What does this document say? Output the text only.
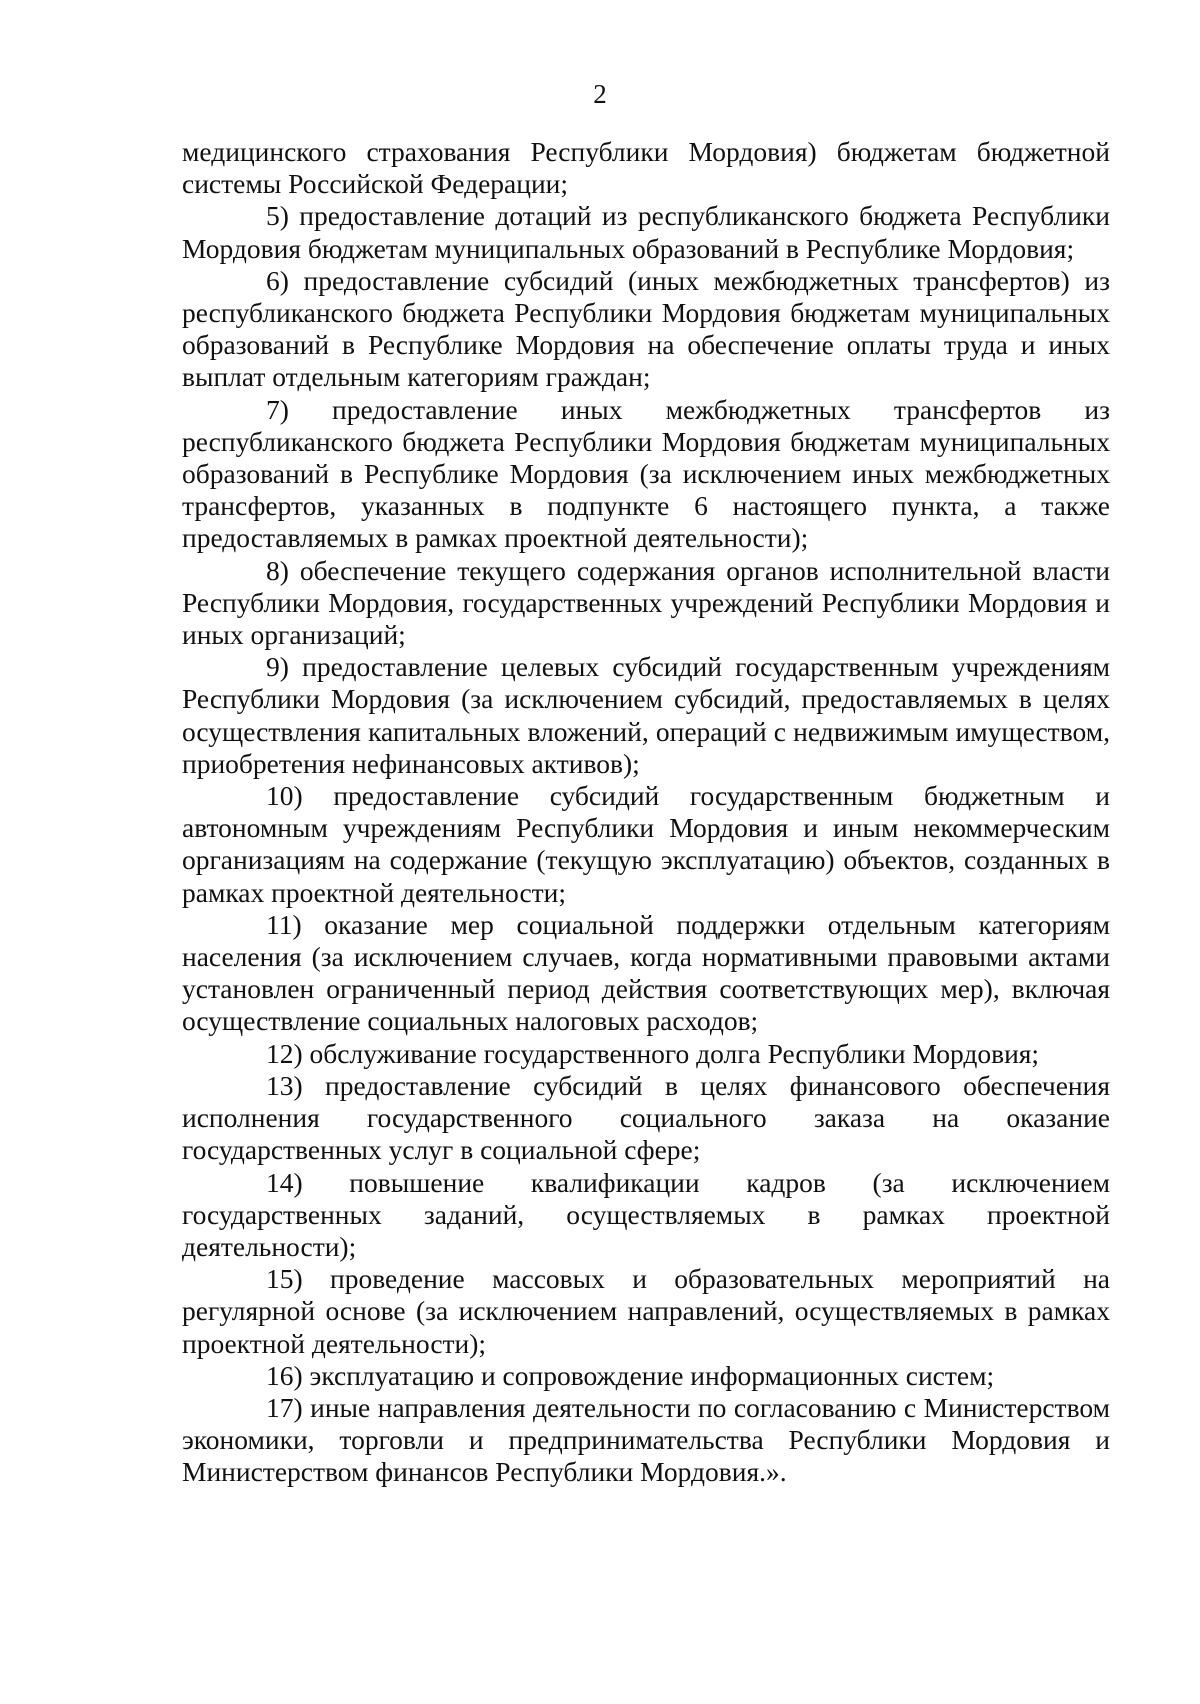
2

медицинского страхования Республики Мордовия) бюджетам бюджетной системы Российской Федерации;

5) предоставление дотаций из республиканского бюджета Республики Мордовия бюджетам муниципальных образований в Республике Мордовия;

6) предоставление субсидий (иных межбюджетных трансфертов) из республиканского бюджета Республики Мордовия бюджетам муниципальных образований в Республике Мордовия на обеспечение оплаты труда и иных выплат отдельным категориям граждан;

7) предоставление иных межбюджетных трансфертов из республиканского бюджета Республики Мордовия бюджетам муниципальных образований в Республике Мордовия (за исключением иных межбюджетных трансфертов, указанных в подпункте 6 настоящего пункта, а также предоставляемых в рамках проектной деятельности);

8) обеспечение текущего содержания органов исполнительной власти Республики Мордовия, государственных учреждений Республики Мордовия и иных организаций;

9) предоставление целевых субсидий государственным учреждениям Республики Мордовия (за исключением субсидий, предоставляемых в целях осуществления капитальных вложений, операций с недвижимым имуществом, приобретения нефинансовых активов);

10) предоставление субсидий государственным бюджетным и автономным учреждениям Республики Мордовия и иным некоммерческим организациям на содержание (текущую эксплуатацию) объектов, созданных в рамках проектной деятельности;

11) оказание мер социальной поддержки отдельным категориям населения (за исключением случаев, когда нормативными правовыми актами установлен ограниченный период действия соответствующих мер), включая осуществление социальных налоговых расходов;

12) обслуживание государственного долга Республики Мордовия;

13) предоставление субсидий в целях финансового обеспечения исполнения государственного социального заказа на оказание государственных услуг в социальной сфере;

14) повышение квалификации кадров (за исключением государственных заданий, осуществляемых в рамках проектной деятельности);

15) проведение массовых и образовательных мероприятий на регулярной основе (за исключением направлений, осуществляемых в рамках проектной деятельности);

16) эксплуатацию и сопровождение информационных систем;

17) иные направления деятельности по согласованию с Министерством экономики, торговли и предпринимательства Республики Мордовия и Министерством финансов Республики Мордовия.».
